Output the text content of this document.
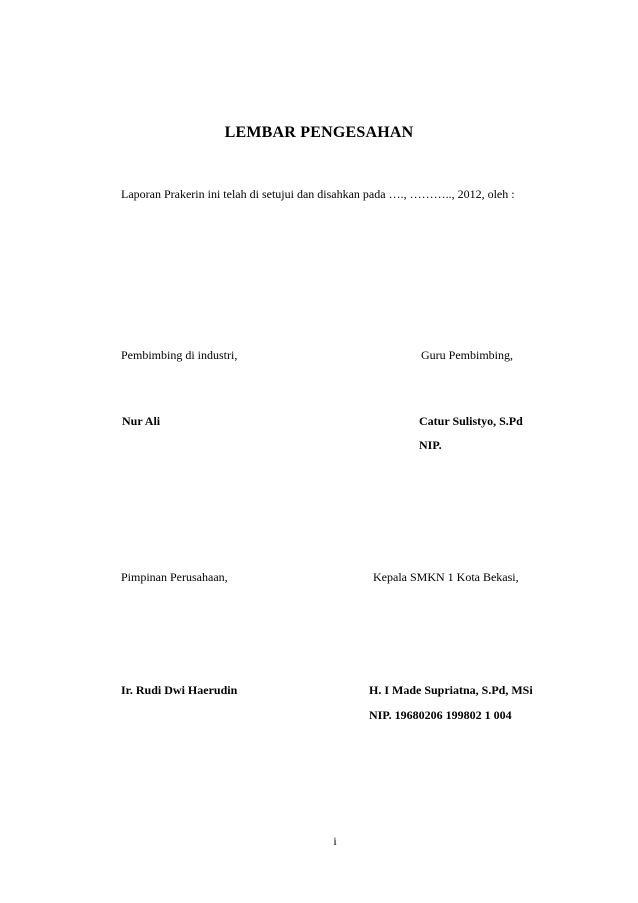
LEMBAR PENGESAHAN
Laporan Prakerin ini telah di setujui dan disahkan pada …., ……….., 2012, oleh :
Pembimbing di industri,	Guru Pembimbing,
Nur Ali	Catur Sulistyo, S.Pd
NIP.
Pimpinan Perusahaan,	Kepala SMKN 1 Kota Bekasi,
Ir. Rudi Dwi Haerudin	H. I Made Supriatna, S.Pd, MSi
NIP. 19680206 199802 1 004
i
